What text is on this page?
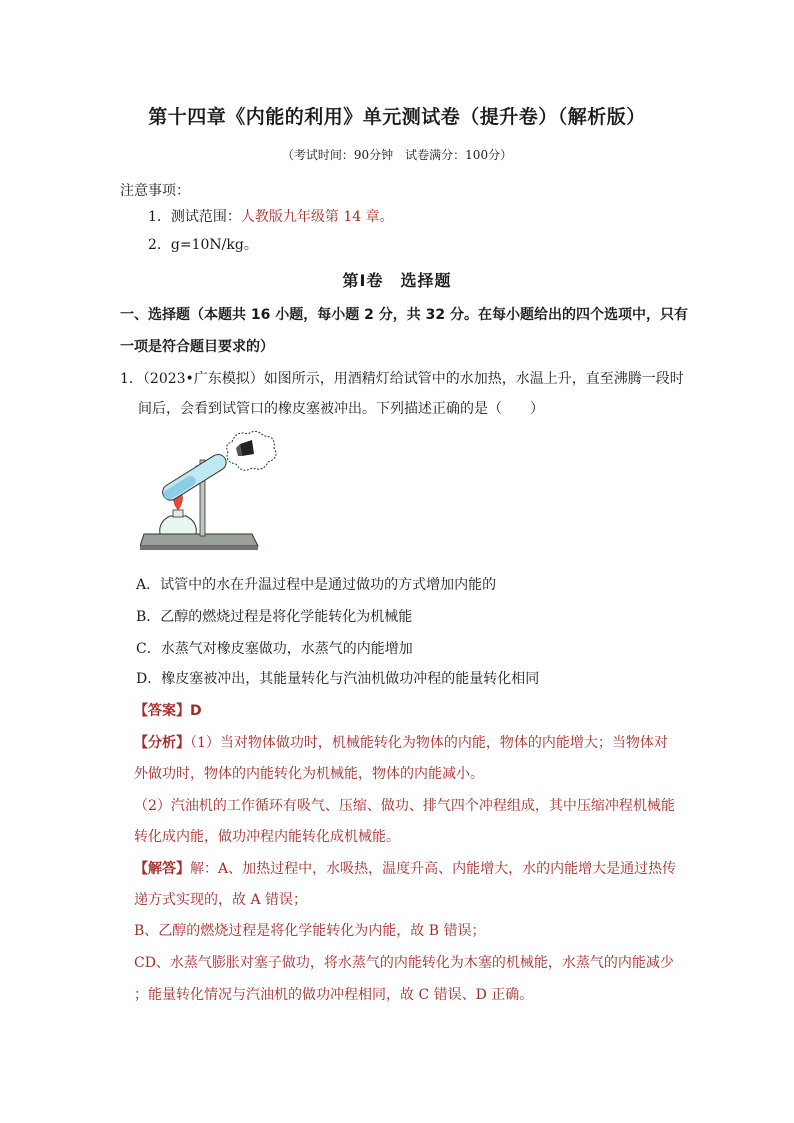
第十四章《内能的利用》单元测试卷（提升卷）（解析版）
（考试时间：90分钟　试卷满分：100分）
注意事项：
1．测试范围：人教版九年级第 14 章。
2．g=10N/kg。
第Ⅰ卷　选择题
一、选择题（本题共 16 小题，每小题 2 分，共 32 分。在每小题给出的四个选项中，只有
一项是符合题目要求的）
1．（2023•广东模拟）如图所示，用酒精灯给试管中的水加热，水温上升，直至沸腾一段时
间后，会看到试管口的橡皮塞被冲出。下列描述正确的是（　　）
A．试管中的水在升温过程中是通过做功的方式增加内能的
B．乙醇的燃烧过程是将化学能转化为机械能
C．水蒸气对橡皮塞做功，水蒸气的内能增加
D．橡皮塞被冲出，其能量转化与汽油机做功冲程的能量转化相同
【答案】D
【分析】（1）当对物体做功时，机械能转化为物体的内能，物体的内能增大；当物体对
外做功时，物体的内能转化为机械能，物体的内能减小。
（2）汽油机的工作循环有吸气、压缩、做功、排气四个冲程组成，其中压缩冲程机械能
转化成内能，做功冲程内能转化成机械能。
【解答】解：A、加热过程中，水吸热，温度升高、内能增大，水的内能增大是通过热传
递方式实现的，故 A 错误；
B、乙醇的燃烧过程是将化学能转化为内能，故 B 错误；
CD、水蒸气膨胀对塞子做功，将水蒸气的内能转化为木塞的机械能，水蒸气的内能减少
；能量转化情况与汽油机的做功冲程相同，故 C 错误、D 正确。
